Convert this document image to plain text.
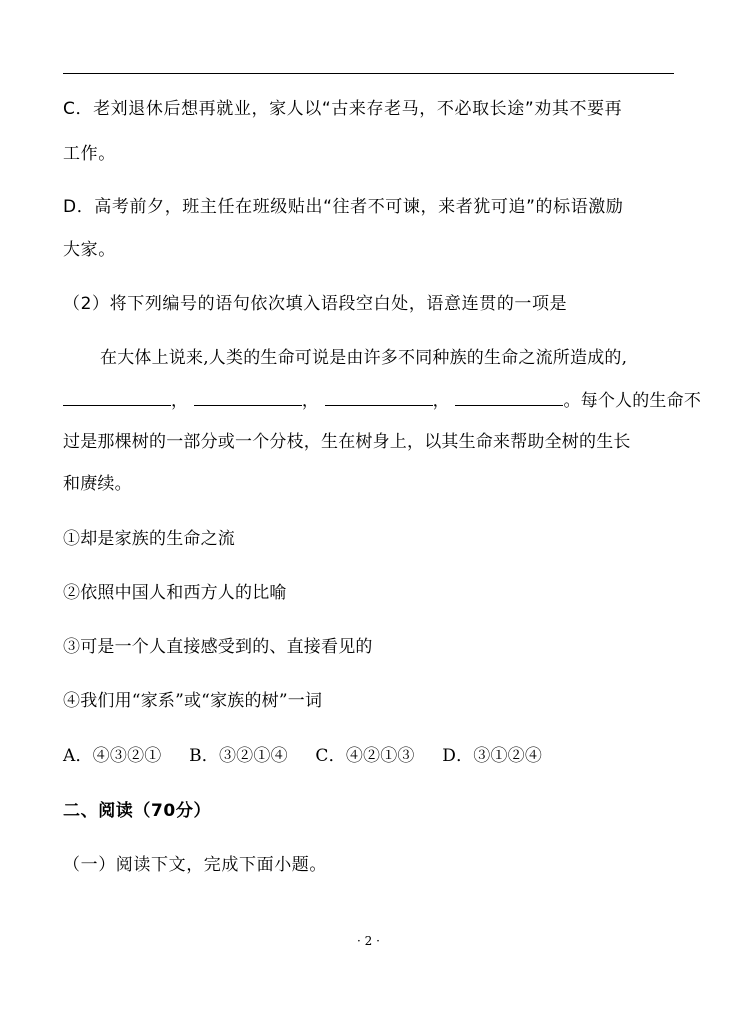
C．老刘退休后想再就业，家人以“古来存老马，不必取长途”劝其不要再
工作。
D．高考前夕，班主任在班级贴出“往者不可谏，来者犹可追”的标语激励
大家。
（2）将下列编号的语句依次填入语段空白处，语意连贯的一项是
在大体上说来,人类的生命可说是由许多不同种族的生命之流所造成的,
，	，	，	。每个人的生命不
过是那棵树的一部分或一个分枝，生在树身上，以其生命来帮助全树的生长
和赓续。
①却是家族的生命之流
②依照中国人和西方人的比喻
③可是一个人直接感受到的、直接看见的
④我们用“家系”或“家族的树”一词
A．④③②① B．③②①④ C．④②①③ D．③①②④
二、阅读（70分）
（一）阅读下文，完成下面小题。
· 2 ·
